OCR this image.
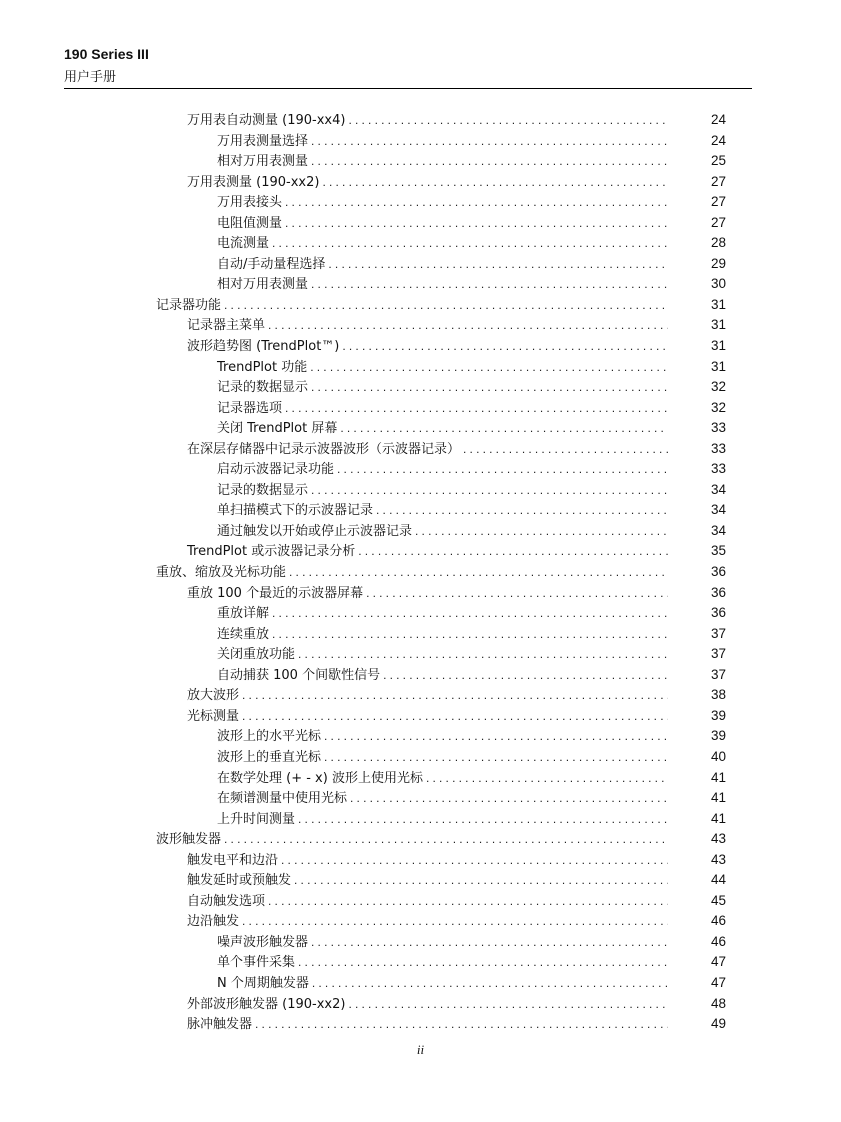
190 Series III
用户手册
万用表自动测量 (190-xx4) .....	24
万用表测量选择 .....	24
相对万用表测量 .....	25
万用表测量 (190-xx2) .....	27
万用表接头 .....	27
电阻值测量 .....	27
电流测量 .....	28
自动/手动量程选择 .....	29
相对万用表测量 .....	30
记录器功能 .....	31
记录器主菜单 .....	31
波形趋势图 (TrendPlot™) .....	31
TrendPlot 功能 .....	31
记录的数据显示 .....	32
记录器选项 .....	32
关闭 TrendPlot 屏幕 .....	33
在深层存储器中记录示波器波形（示波器记录） .....	33
启动示波器记录功能 .....	33
记录的数据显示 .....	34
单扫描模式下的示波器记录 .....	34
通过触发以开始或停止示波器记录 .....	34
TrendPlot 或示波器记录分析 .....	35
重放、缩放及光标功能 .....	36
重放 100 个最近的示波器屏幕 .....	36
重放详解 .....	36
连续重放 .....	37
关闭重放功能 .....	37
自动捕获 100 个间歇性信号 .....	37
放大波形 .....	38
光标测量 .....	39
波形上的水平光标 .....	39
波形上的垂直光标 .....	40
在数学处理 (+ - x) 波形上使用光标 .....	41
在频谱测量中使用光标 .....	41
上升时间测量 .....	41
波形触发器 .....	43
触发电平和边沿 .....	43
触发延时或预触发 .....	44
自动触发选项 .....	45
边沿触发 .....	46
噪声波形触发器 .....	46
单个事件采集 .....	47
N 个周期触发器 .....	47
外部波形触发器 (190-xx2) .....	48
脉冲触发器 .....	49
ii
